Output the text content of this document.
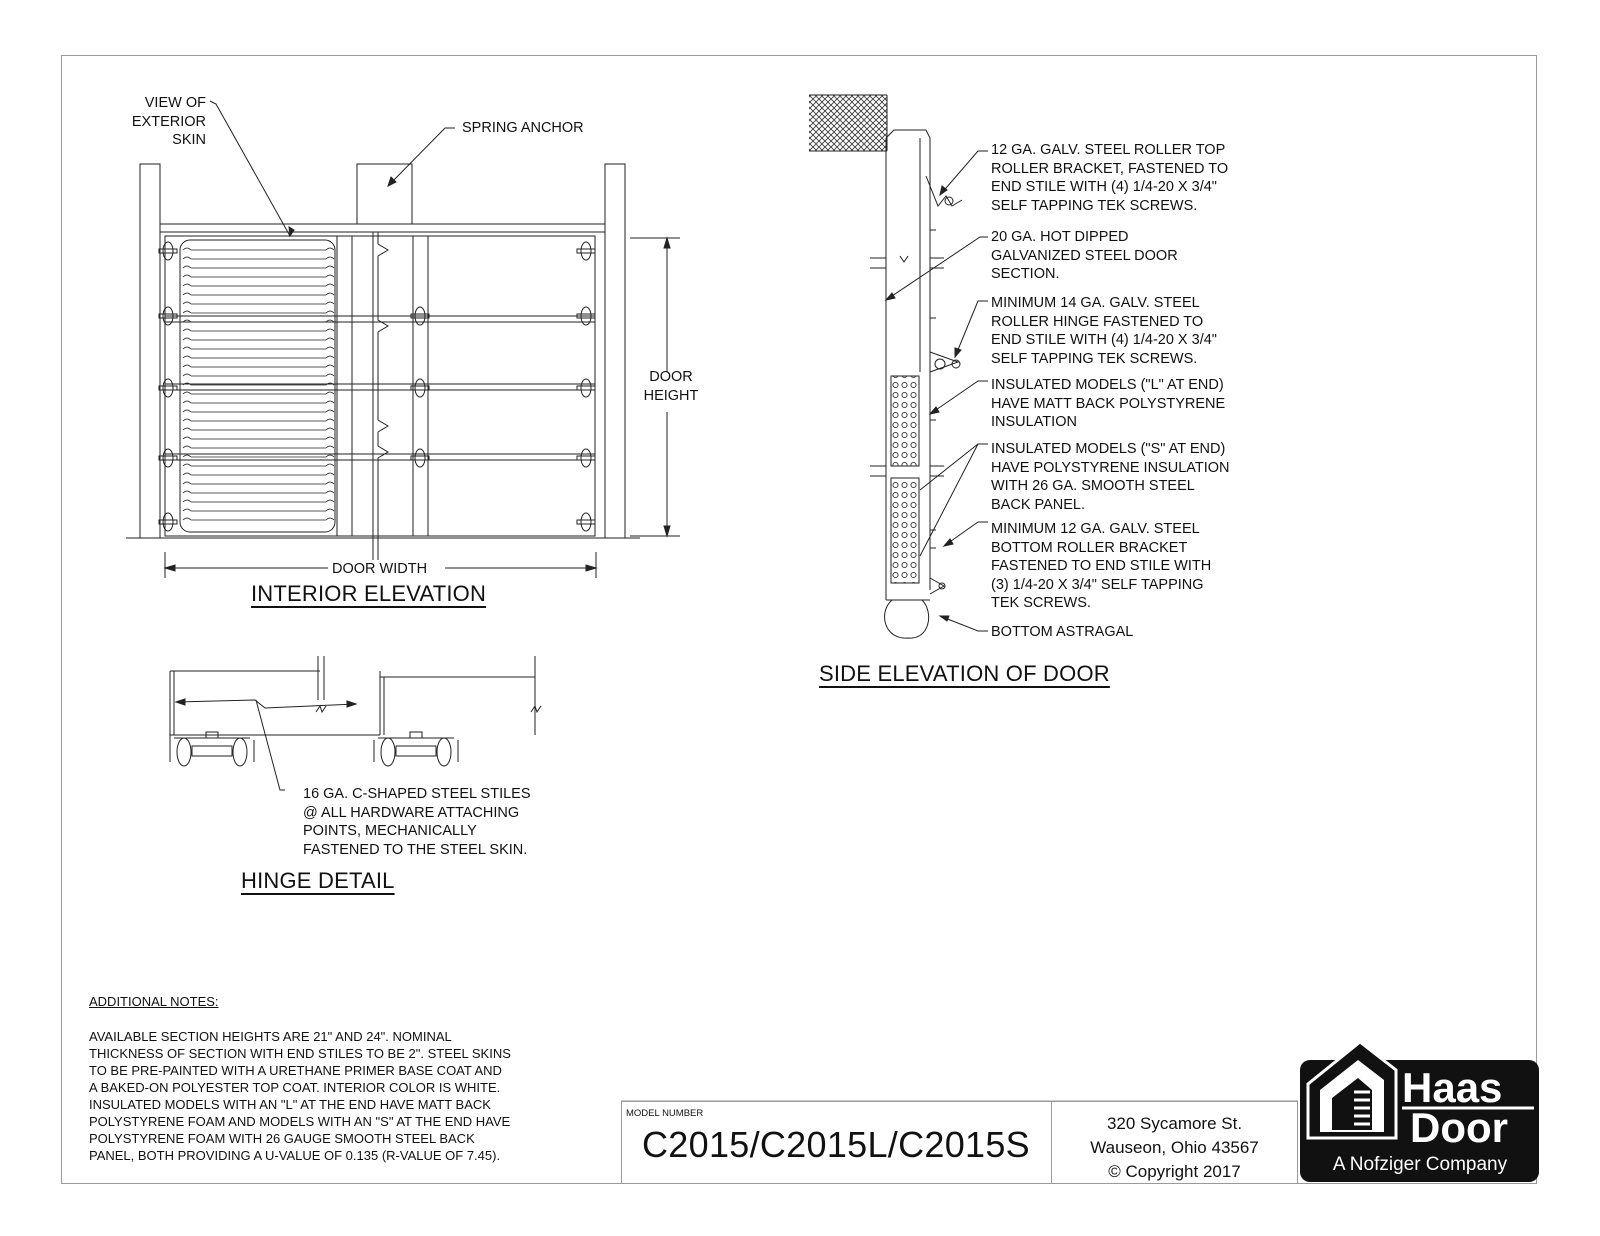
VIEW OF
EXTERIOR
SKIN
SPRING ANCHOR
DOOR
HEIGHT
DOOR WIDTH
INTERIOR ELEVATION
16 GA. C-SHAPED STEEL STILES
@ ALL HARDWARE ATTACHING
POINTS, MECHANICALLY
FASTENED TO THE STEEL SKIN.
HINGE DETAIL
12 GA. GALV. STEEL ROLLER TOP
ROLLER BRACKET, FASTENED TO
END STILE WITH (4) 1/4-20 X 3/4"
SELF TAPPING TEK SCREWS.
20 GA. HOT DIPPED
GALVANIZED STEEL DOOR
SECTION.
MINIMUM 14 GA. GALV. STEEL
ROLLER HINGE FASTENED TO
END STILE WITH (4) 1/4-20 X 3/4"
SELF TAPPING TEK SCREWS.
INSULATED MODELS ("L" AT END)
HAVE MATT BACK POLYSTYRENE
INSULATION
INSULATED MODELS ("S" AT END)
HAVE POLYSTYRENE INSULATION
WITH 26 GA. SMOOTH STEEL
BACK PANEL.
MINIMUM 12 GA. GALV. STEEL
BOTTOM ROLLER BRACKET
FASTENED TO END STILE WITH
(3) 1/4-20 X 3/4" SELF TAPPING
TEK SCREWS.
BOTTOM ASTRAGAL
SIDE ELEVATION OF DOOR
ADDITIONAL NOTES:
AVAILABLE SECTION HEIGHTS ARE 21" AND 24". NOMINAL
THICKNESS OF SECTION WITH END STILES TO BE 2". STEEL SKINS
TO BE PRE-PAINTED WITH A URETHANE PRIMER BASE COAT AND
A BAKED-ON POLYESTER TOP COAT. INTERIOR COLOR IS WHITE.
INSULATED MODELS WITH AN "L" AT THE END HAVE MATT BACK
POLYSTYRENE FOAM AND MODELS WITH AN "S" AT THE END HAVE
POLYSTYRENE FOAM WITH 26 GAUGE SMOOTH STEEL BACK
PANEL, BOTH PROVIDING A U-VALUE OF 0.135 (R-VALUE OF 7.45).
MODEL NUMBER
C2015/C2015L/C2015S
320 Sycamore St.
Wauseon, Ohio 43567
© Copyright 2017
Haas
Door
A Nofziger Company
